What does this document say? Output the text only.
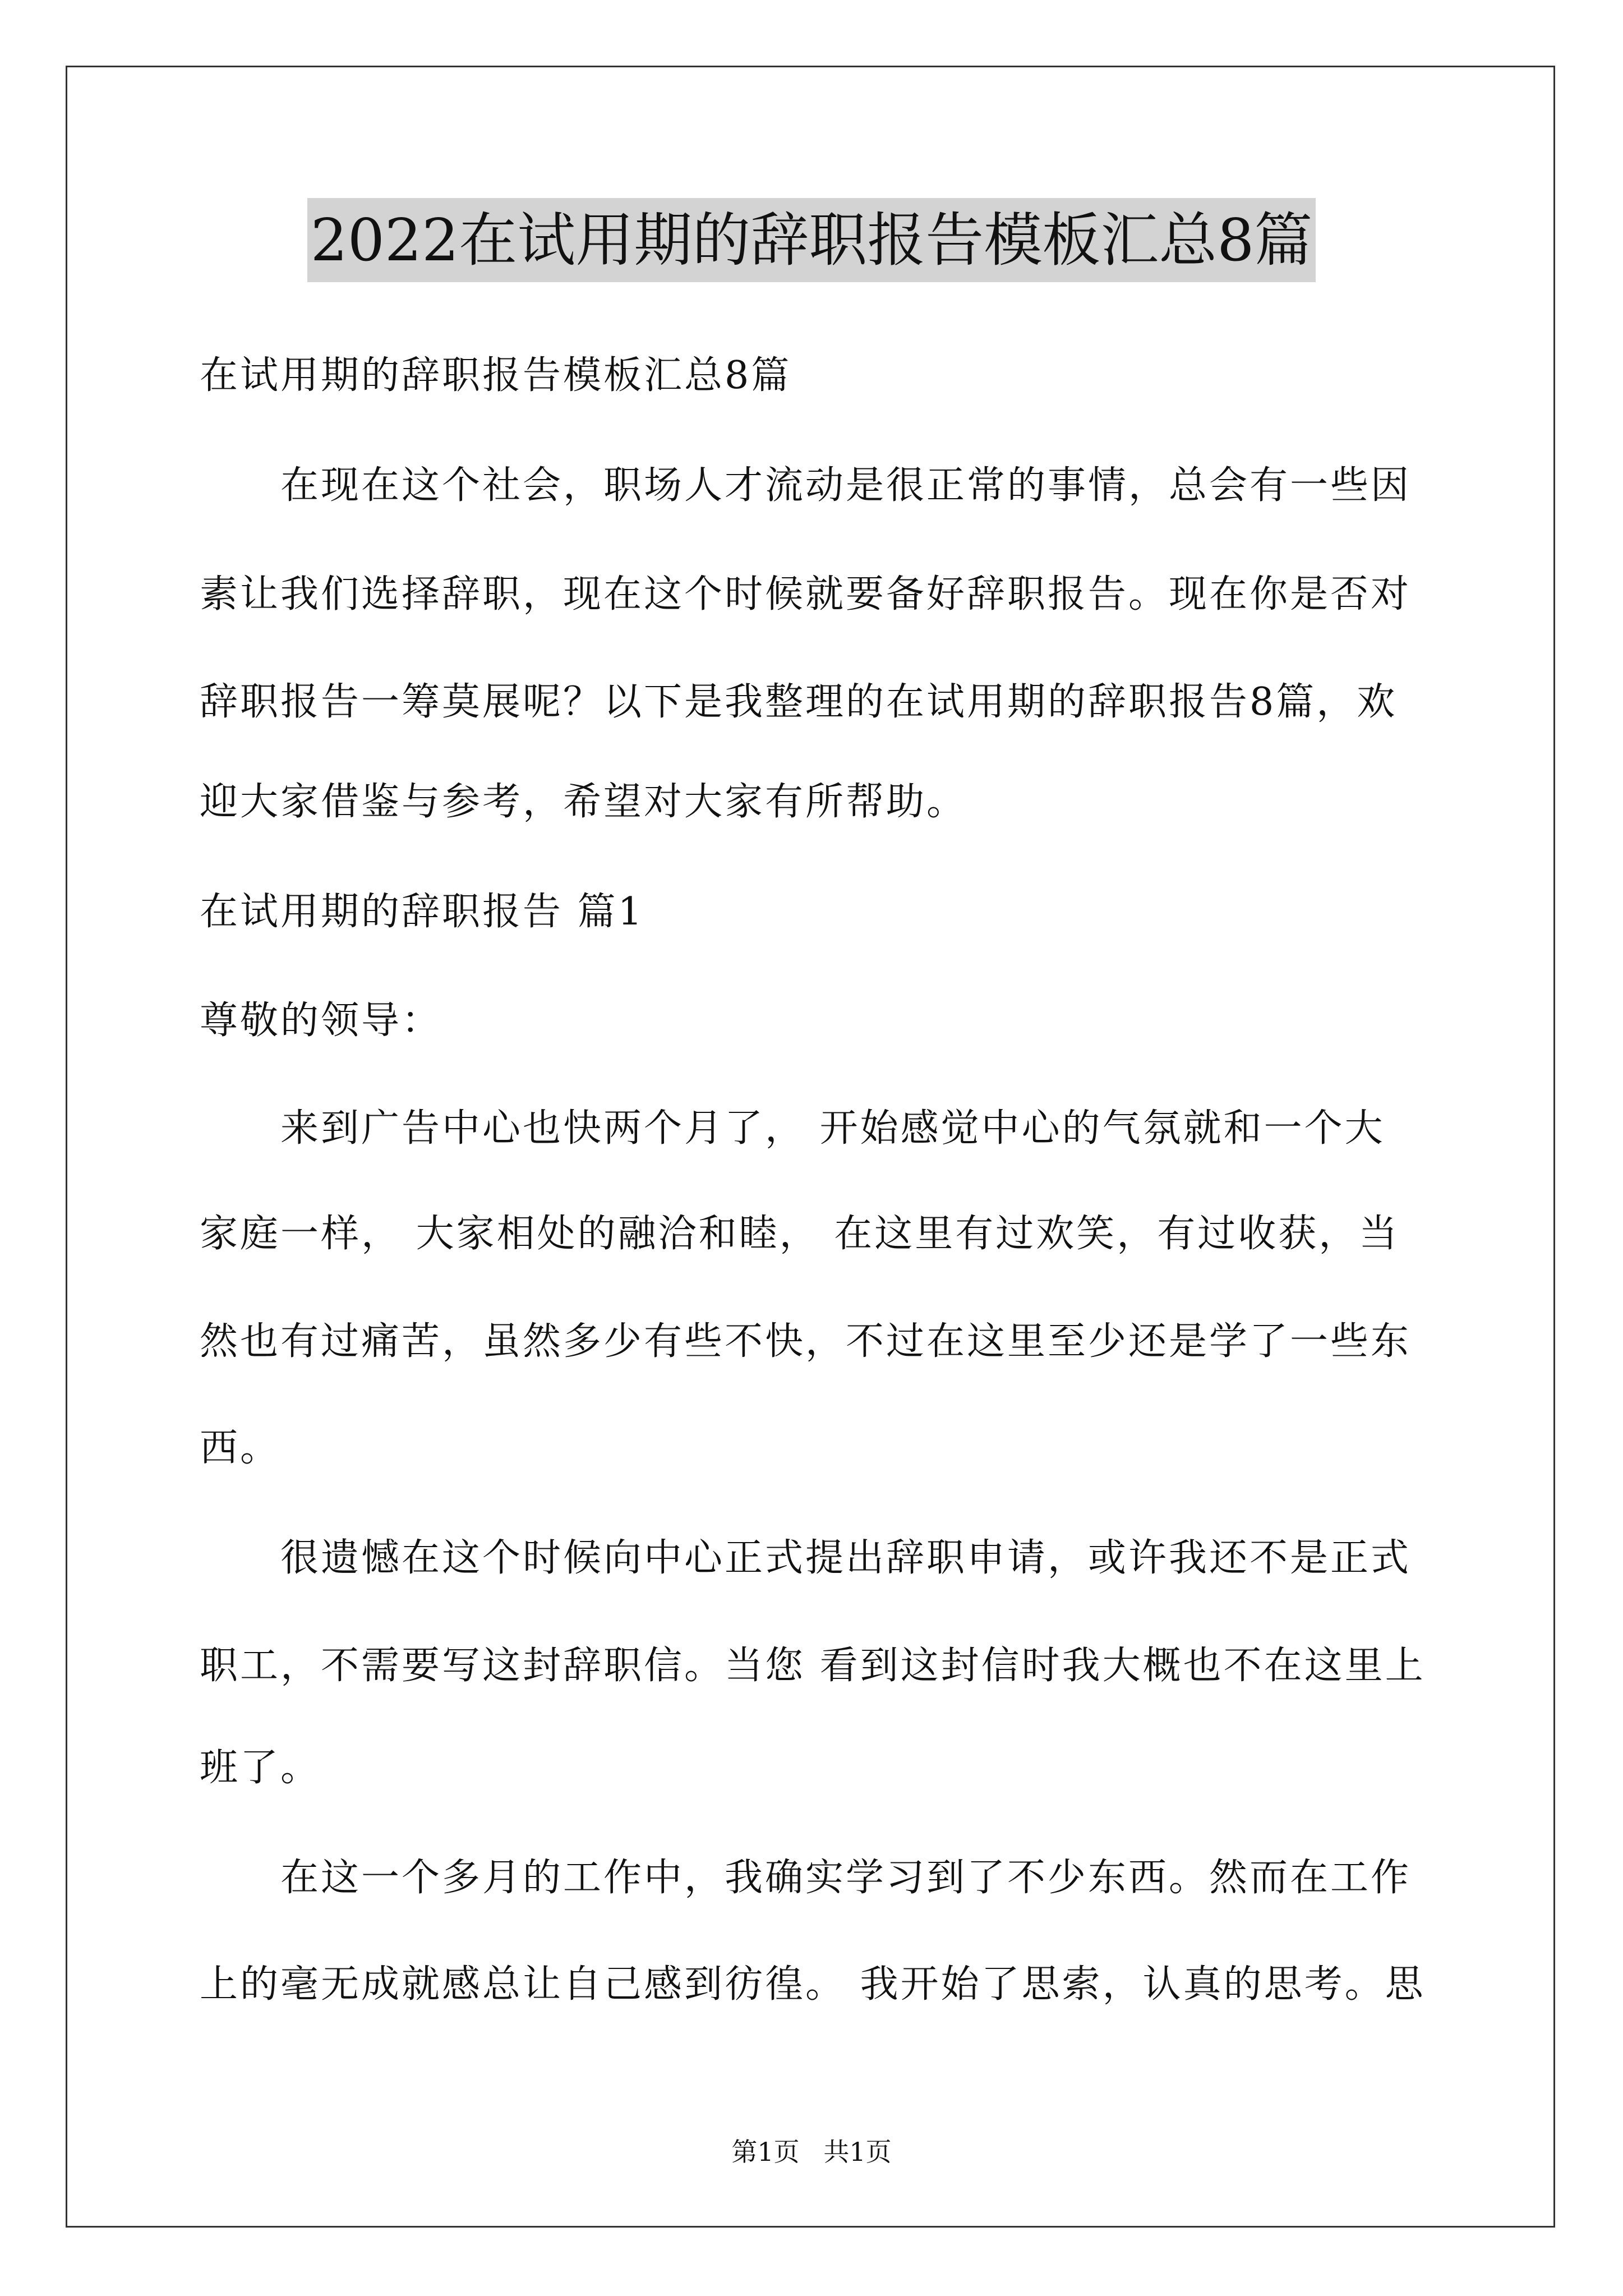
2022在试用期的辞职报告模板汇总8篇
在试用期的辞职报告模板汇总8篇
　　在现在这个社会，职场人才流动是很正常的事情，总会有一些因
素让我们选择辞职，现在这个时候就要备好辞职报告。现在你是否对
辞职报告一筹莫展呢？以下是我整理的在试用期的辞职报告8篇，欢
迎大家借鉴与参考，希望对大家有所帮助。
在试用期的辞职报告 篇1
尊敬的领导：
　　来到广告中心也快两个月了， 开始感觉中心的气氛就和一个大
家庭一样， 大家相处的融洽和睦， 在这里有过欢笑，有过收获，当
然也有过痛苦，虽然多少有些不快，不过在这里至少还是学了一些东
西。
　　很遗憾在这个时候向中心正式提出辞职申请，或许我还不是正式
职工，不需要写这封辞职信。当您 看到这封信时我大概也不在这里上
班了。
　　在这一个多月的工作中，我确实学习到了不少东西。然而在工作
上的毫无成就感总让自己感到彷徨。 我开始了思索，认真的思考。思
第1页 共1页
